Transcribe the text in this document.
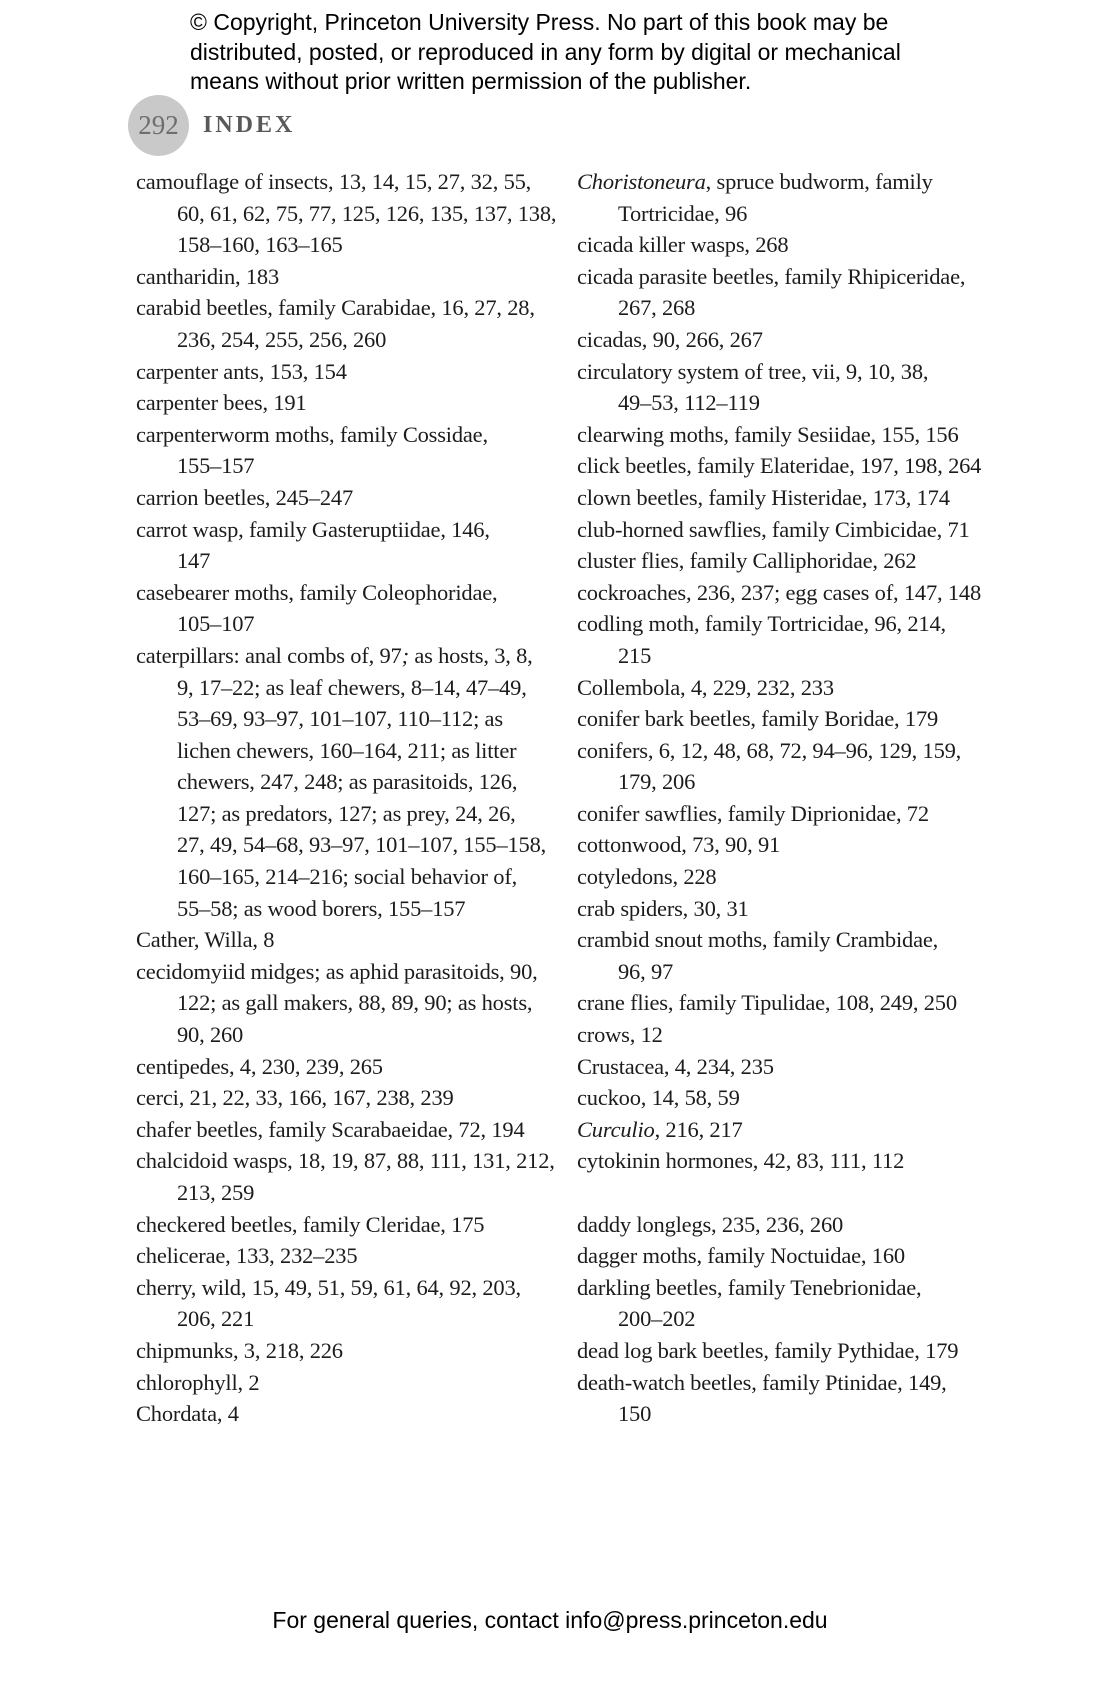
© Copyright, Princeton University Press. No part of this book may be
distributed, posted, or reproduced in any form by digital or mechanical
means without prior written permission of the publisher.
292 INDEX
camouflage of insects, 13, 14, 15, 27, 32, 55,
60, 61, 62, 75, 77, 125, 126, 135, 137, 138,
158–160, 163–165
cantharidin, 183
carabid beetles, family Carabidae, 16, 27, 28,
236, 254, 255, 256, 260
carpenter ants, 153, 154
carpenter bees, 191
carpenterworm moths, family Cossidae,
155–157
carrion beetles, 245–247
carrot wasp, family Gasteruptiidae, 146,
147
casebearer moths, family Coleophoridae,
105–107
caterpillars: anal combs of, 97; as hosts, 3, 8,
9, 17–22; as leaf chewers, 8–14, 47–49,
53–69, 93–97, 101–107, 110–112; as
lichen chewers, 160–164, 211; as litter
chewers, 247, 248; as parasitoids, 126,
127; as predators, 127; as prey, 24, 26,
27, 49, 54–68, 93–97, 101–107, 155–158,
160–165, 214–216; social behavior of,
55–58; as wood borers, 155–157
Cather, Willa, 8
cecidomyiid midges; as aphid parasitoids, 90,
122; as gall makers, 88, 89, 90; as hosts,
90, 260
centipedes, 4, 230, 239, 265
cerci, 21, 22, 33, 166, 167, 238, 239
chafer beetles, family Scarabaeidae, 72, 194
chalcidoid wasps, 18, 19, 87, 88, 111, 131, 212,
213, 259
checkered beetles, family Cleridae, 175
chelicerae, 133, 232–235
cherry, wild, 15, 49, 51, 59, 61, 64, 92, 203,
206, 221
chipmunks, 3, 218, 226
chlorophyll, 2
Chordata, 4
Choristoneura, spruce budworm, family
Tortricidae, 96
cicada killer wasps, 268
cicada parasite beetles, family Rhipiceridae,
267, 268
cicadas, 90, 266, 267
circulatory system of tree, vii, 9, 10, 38,
49–53, 112–119
clearwing moths, family Sesiidae, 155, 156
click beetles, family Elateridae, 197, 198, 264
clown beetles, family Histeridae, 173, 174
club-horned sawflies, family Cimbicidae, 71
cluster flies, family Calliphoridae, 262
cockroaches, 236, 237; egg cases of, 147, 148
codling moth, family Tortricidae, 96, 214,
215
Collembola, 4, 229, 232, 233
conifer bark beetles, family Boridae, 179
conifers, 6, 12, 48, 68, 72, 94–96, 129, 159,
179, 206
conifer sawflies, family Diprionidae, 72
cottonwood, 73, 90, 91
cotyledons, 228
crab spiders, 30, 31
crambid snout moths, family Crambidae,
96, 97
crane flies, family Tipulidae, 108, 249, 250
crows, 12
Crustacea, 4, 234, 235
cuckoo, 14, 58, 59
Curculio, 216, 217
cytokinin hormones, 42, 83, 111, 112
daddy longlegs, 235, 236, 260
dagger moths, family Noctuidae, 160
darkling beetles, family Tenebrionidae,
200–202
dead log bark beetles, family Pythidae, 179
death-watch beetles, family Ptinidae, 149,
150
For general queries, contact info@press.princeton.edu
